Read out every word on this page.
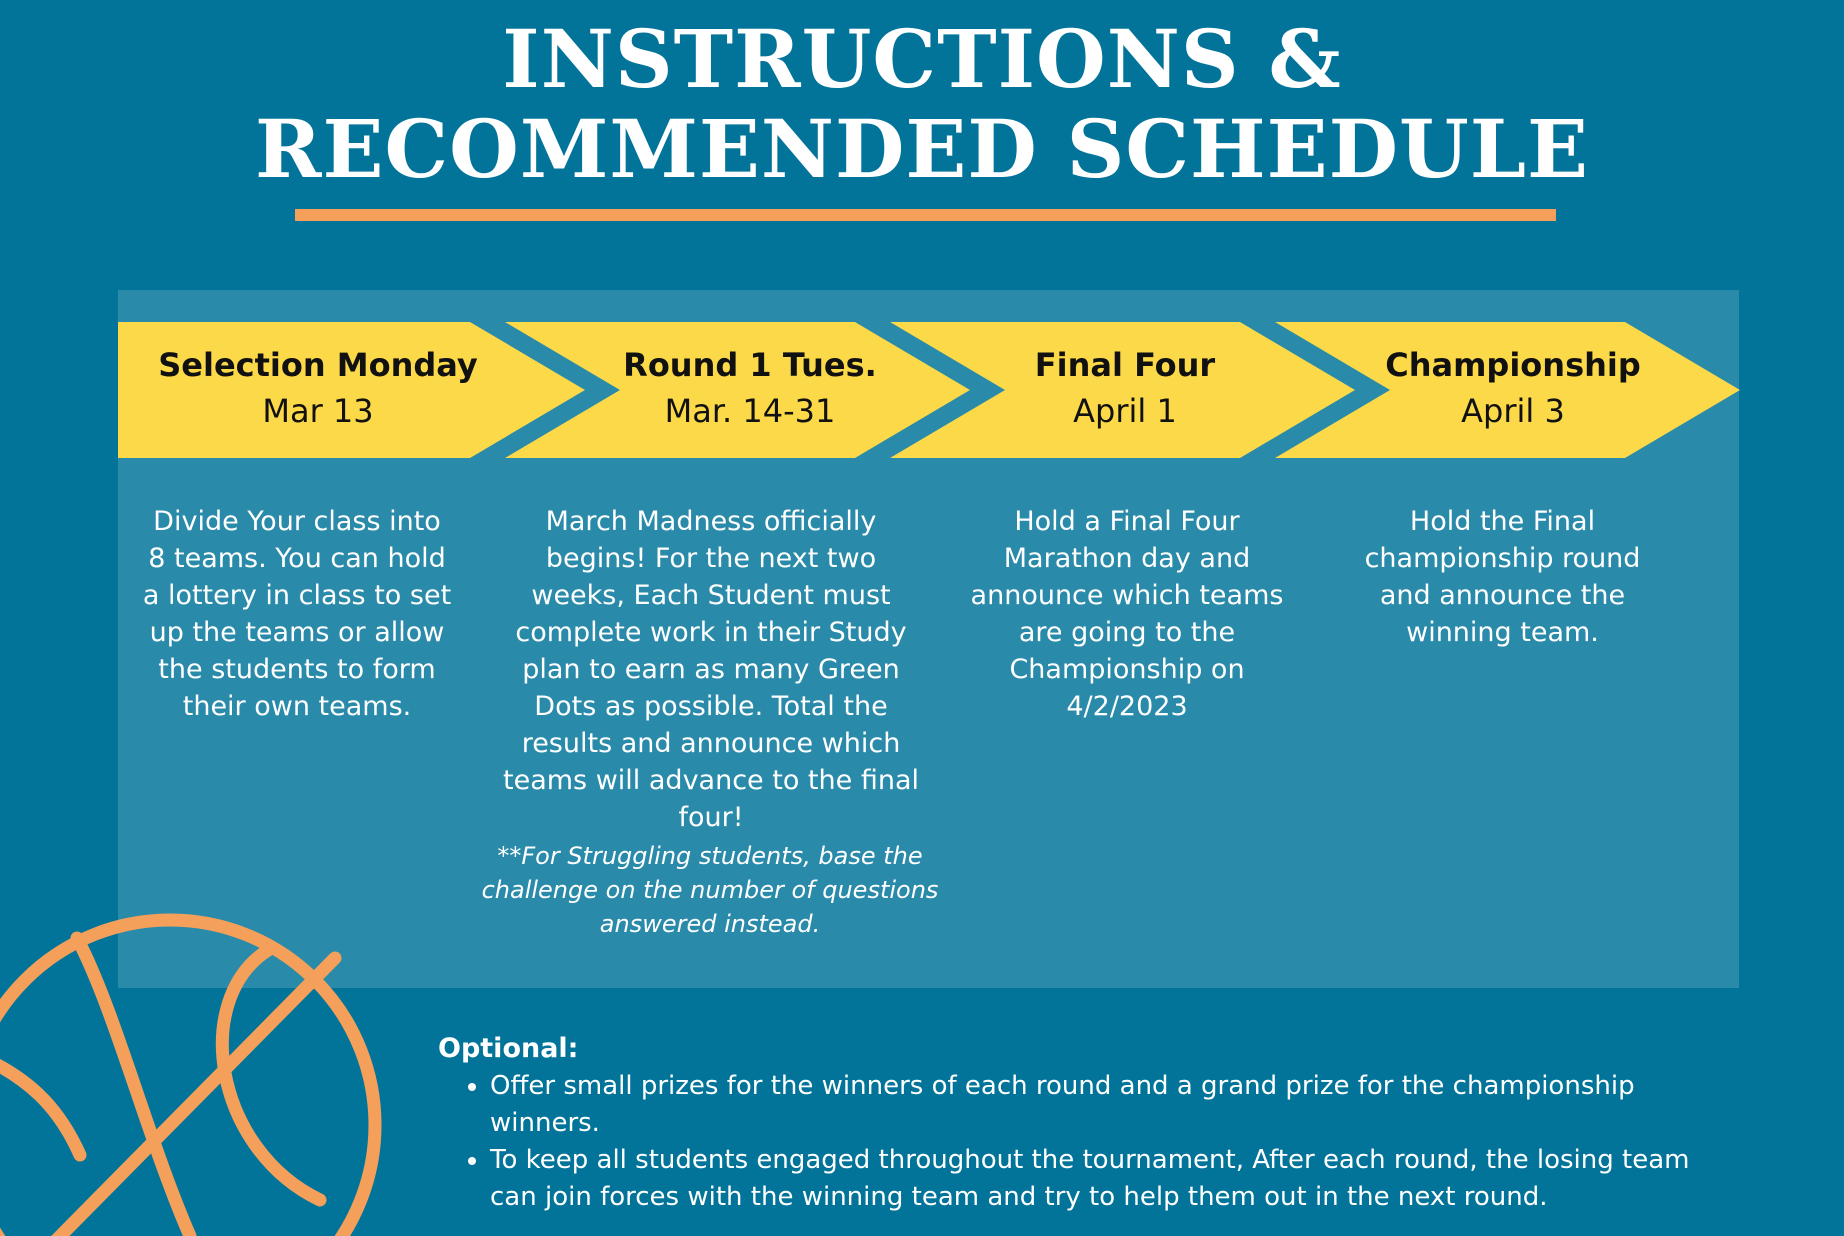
INSTRUCTIONS &
RECOMMENDED SCHEDULE
Selection Monday
Mar 13
Round 1 Tues.
Mar. 14-31
Final Four
April 1
Championship
April 3
Divide Your class into 8 teams. You can hold a lottery in class to set up the teams or allow the students to form their own teams.
March Madness officially begins! For the next two weeks, Each Student must complete work in their Study plan to earn as many Green Dots as possible. Total the results and announce which teams will advance to the final four!
Hold a Final Four Marathon day and announce which teams are going to the Championship on 4/2/2023
Hold the Final championship round and announce the winning team.
**For Struggling students, base the challenge on the number of questions answered instead.
Optional:
• Offer small prizes for the winners of each round and a grand prize for the championship winners.
• To keep all students engaged throughout the tournament, After each round, the losing team can join forces with the winning team and try to help them out in the next round.
